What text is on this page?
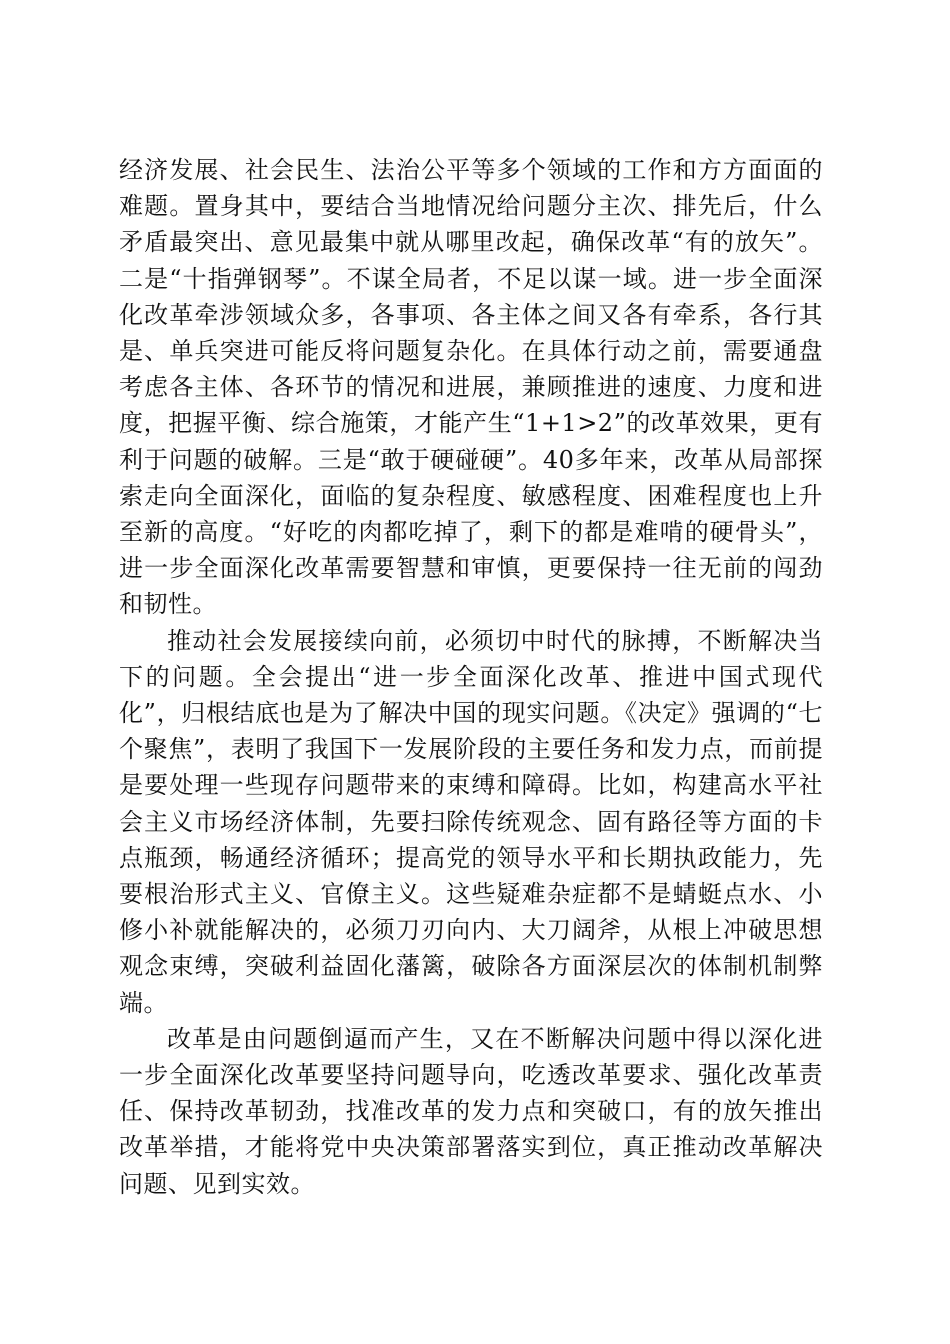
经济发展、社会民生、法治公平等多个领域的工作和方方面面的难题。置身其中，要结合当地情况给问题分主次、排先后，什么矛盾最突出、意见最集中就从哪里改起，确保改革“有的放矢”。二是“十指弹钢琴”。不谋全局者，不足以谋一域。进一步全面深化改革牵涉领域众多，各事项、各主体之间又各有牵系，各行其是、单兵突进可能反将问题复杂化。在具体行动之前，需要通盘考虑各主体、各环节的情况和进展，兼顾推进的速度、力度和进度，把握平衡、综合施策，才能产生“1+1>2”的改革效果，更有利于问题的破解。三是“敢于硬碰硬”。40多年来，改革从局部探索走向全面深化，面临的复杂程度、敏感程度、困难程度也上升至新的高度。“好吃的肉都吃掉了，剩下的都是难啃的硬骨头”，进一步全面深化改革需要智慧和审慎，更要保持一往无前的闯劲和韧性。

推动社会发展接续向前，必须切中时代的脉搏，不断解决当下的问题。全会提出“进一步全面深化改革、推进中国式现代化”，归根结底也是为了解决中国的现实问题。《决定》强调的“七个聚焦”，表明了我国下一发展阶段的主要任务和发力点，而前提是要处理一些现存问题带来的束缚和障碍。比如，构建高水平社会主义市场经济体制，先要扫除传统观念、固有路径等方面的卡点瓶颈，畅通经济循环；提高党的领导水平和长期执政能力，先要根治形式主义、官僚主义。这些疑难杂症都不是蜻蜓点水、小修小补就能解决的，必须刀刃向内、大刀阔斧，从根上冲破思想观念束缚，突破利益固化藩篱，破除各方面深层次的体制机制弊端。

改革是由问题倒逼而产生，又在不断解决问题中得以深化进一步全面深化改革要坚持问题导向，吃透改革要求、强化改革责任、保持改革韧劲，找准改革的发力点和突破口，有的放矢推出改革举措，才能将党中央决策部署落实到位，真正推动改革解决问题、见到实效。
